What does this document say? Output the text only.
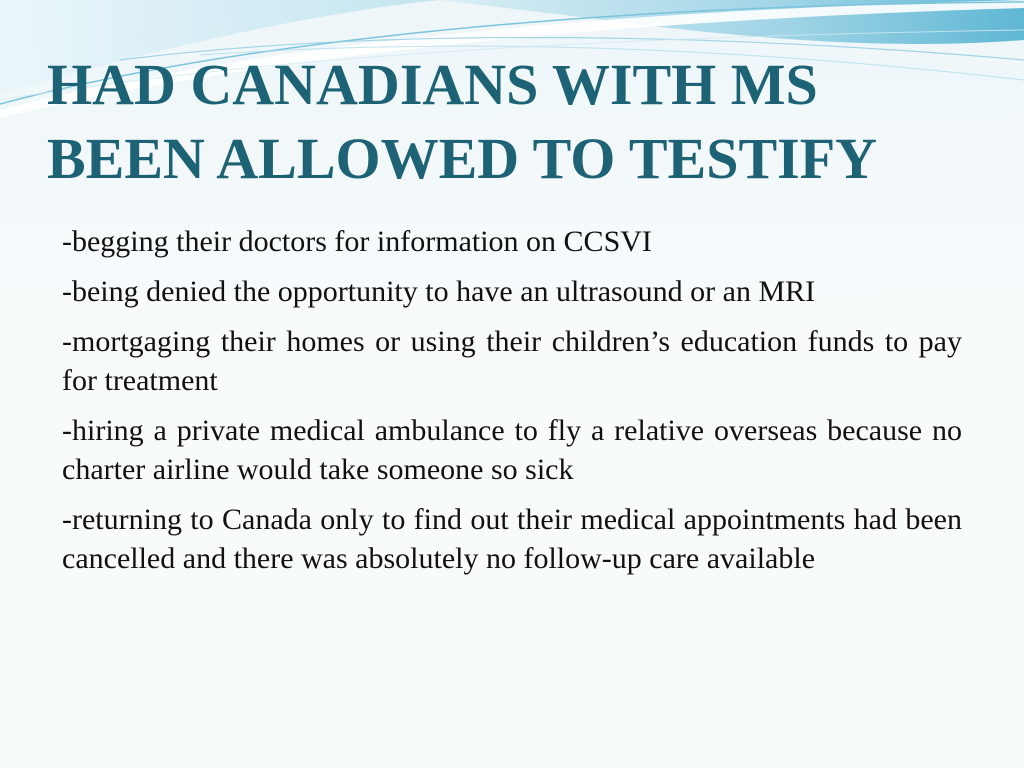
HAD CANADIANS WITH MS
BEEN ALLOWED TO TESTIFY
-begging their doctors for information on CCSVI
-being denied the opportunity to have an ultrasound or an MRI
-mortgaging their homes or using their children’s education funds to pay for treatment
-hiring a private medical ambulance to fly a relative overseas because no charter airline would take someone so sick
-returning to Canada only to find out their medical appointments had been cancelled and there was absolutely no follow-up care available
